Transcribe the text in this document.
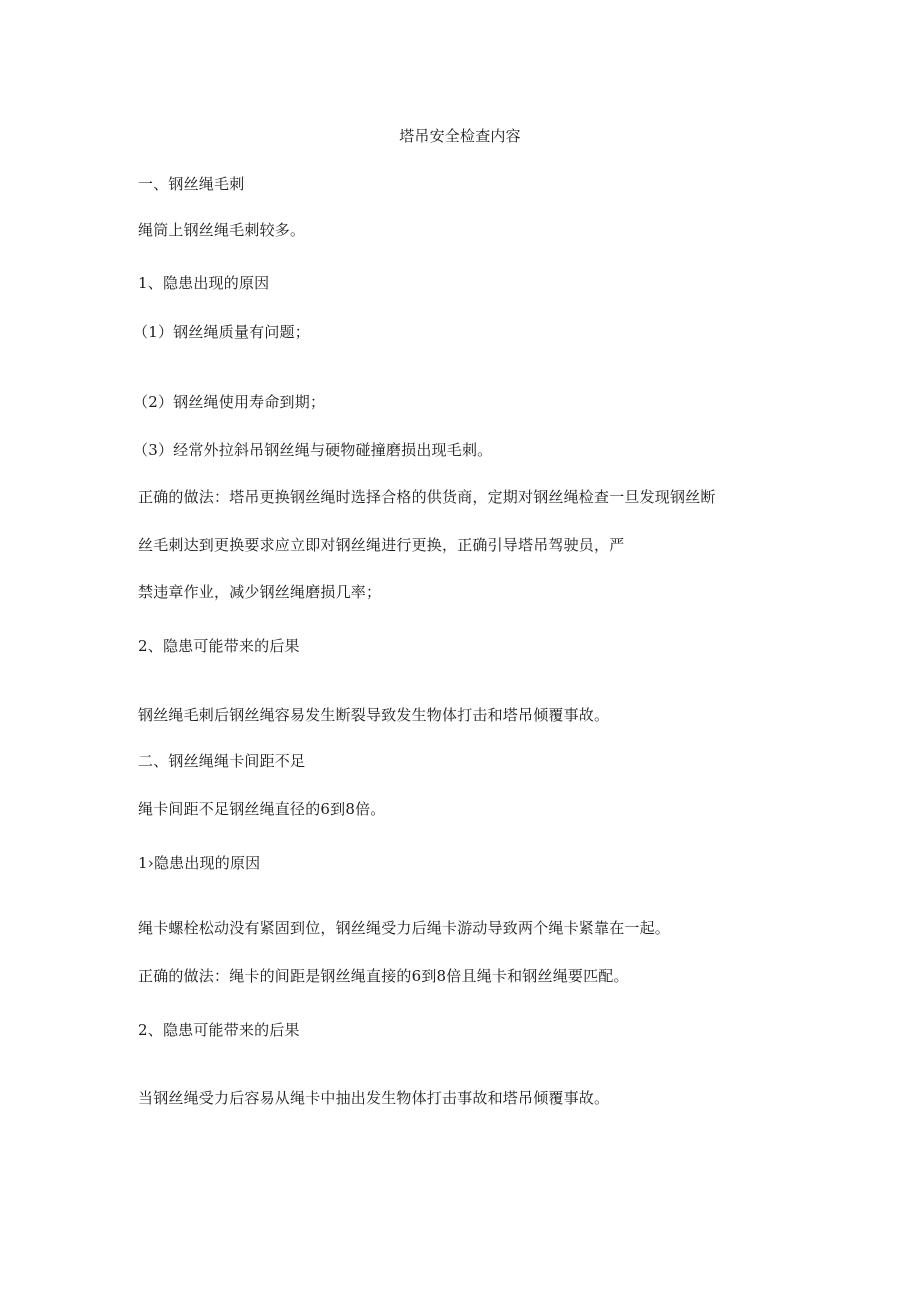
塔吊安全检查内容
一、钢丝绳毛刺
绳筒上钢丝绳毛刺较多。
1、隐患出现的原因
（1）钢丝绳质量有问题；
（2）钢丝绳使用寿命到期；
（3）经常外拉斜吊钢丝绳与硬物碰撞磨损出现毛刺。
正确的做法：塔吊更换钢丝绳时选择合格的供货商，定期对钢丝绳检查一旦发现钢丝断
丝毛刺达到更换要求应立即对钢丝绳进行更换，正确引导塔吊驾驶员，严
禁违章作业，减少钢丝绳磨损几率；
2、隐患可能带来的后果
钢丝绳毛刺后钢丝绳容易发生断裂导致发生物体打击和塔吊倾覆事故。
二、钢丝绳绳卡间距不足
绳卡间距不足钢丝绳直径的6到8倍。
1›隐患出现的原因
绳卡螺栓松动没有紧固到位，钢丝绳受力后绳卡游动导致两个绳卡紧靠在一起。
正确的做法：绳卡的间距是钢丝绳直接的6到8倍且绳卡和钢丝绳要匹配。
2、隐患可能带来的后果
当钢丝绳受力后容易从绳卡中抽出发生物体打击事故和塔吊倾覆事故。
